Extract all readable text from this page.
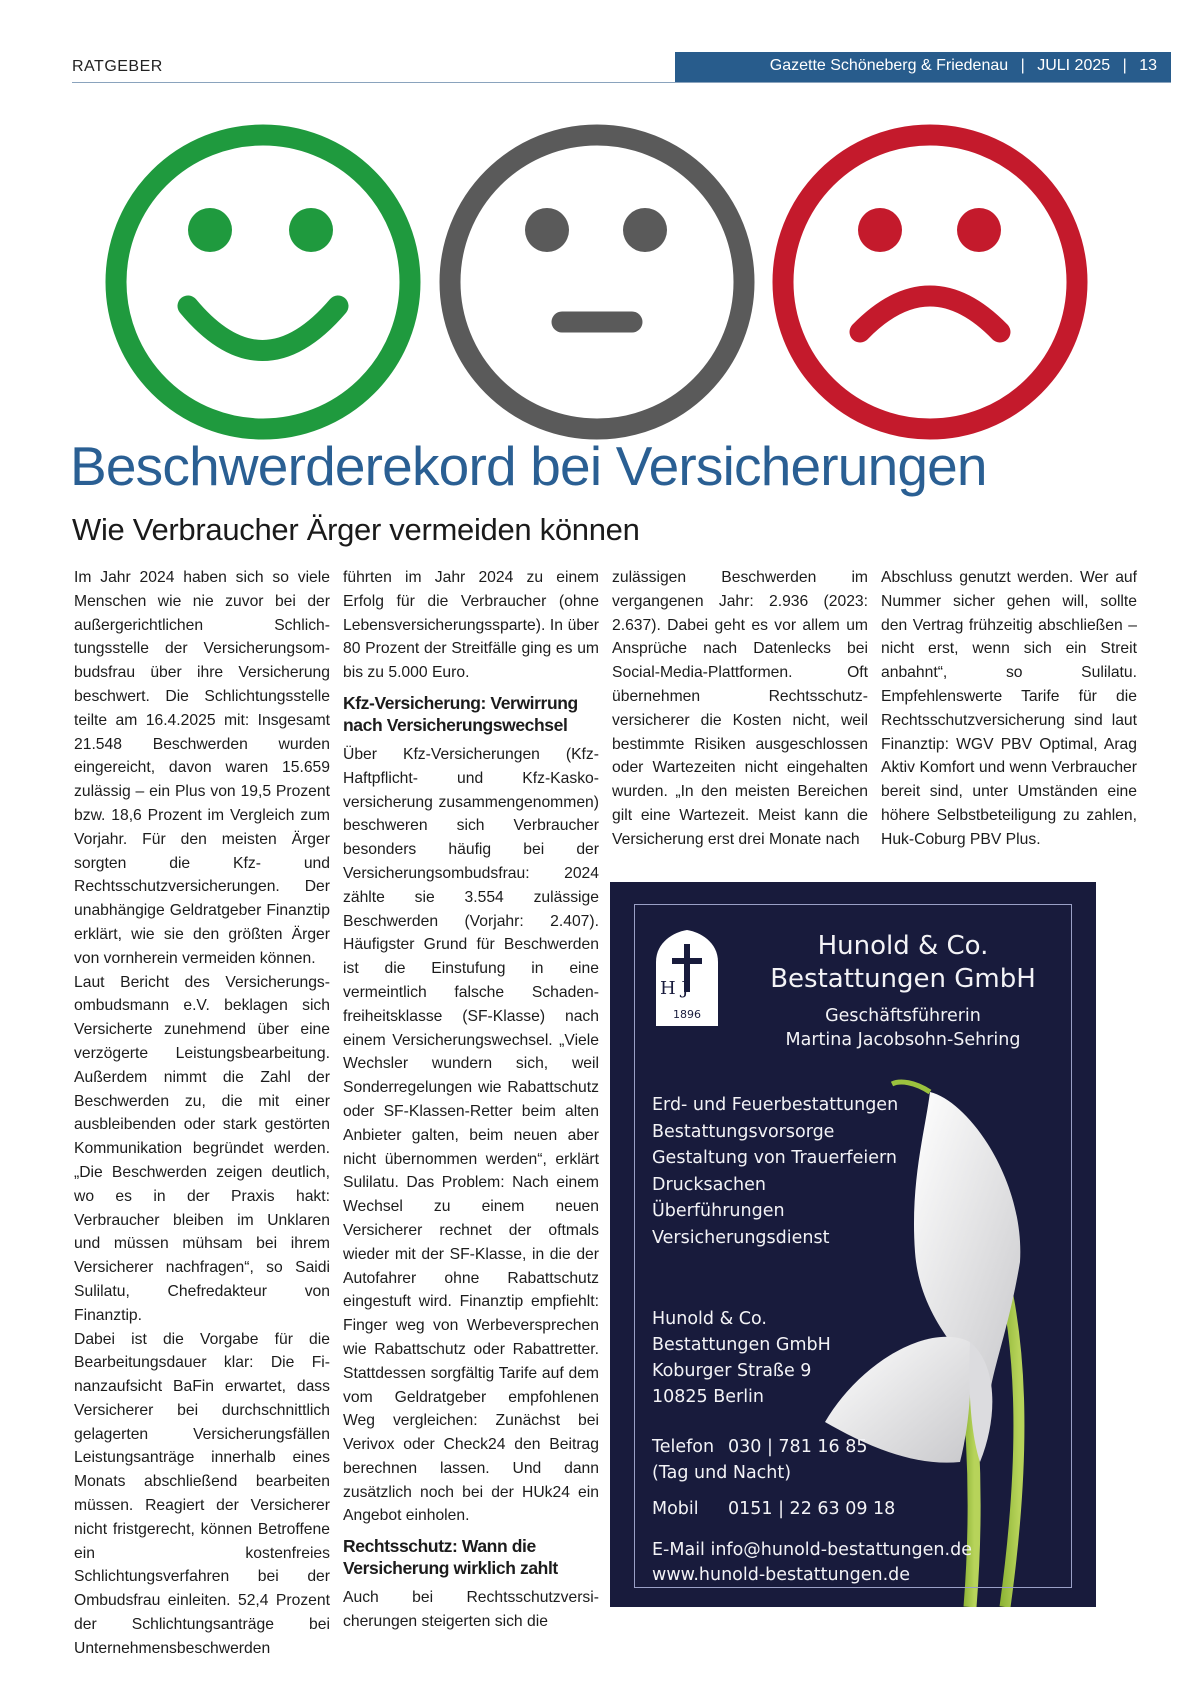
RATGEBER	Gazette Schöneberg & Friedenau | JULI 2025 | 13
Beschwerderekord bei Versicherungen
Wie Verbraucher Ärger vermeiden können

Im Jahr 2024 haben sich so viele Menschen wie nie zuvor bei der außergerichtlichen Schlichtungsstelle der Versicherungsombudsfrau über ihre Versicherung beschwert. Die Schlichtungsstelle teilte am 16.4.2025 mit: Insgesamt 21.548 Beschwerden wurden eingereicht, davon waren 15.659 zulässig – ein Plus von 19,5 Prozent bzw. 18,6 Prozent im Vergleich zum Vorjahr. Für den meisten Ärger sorgten die Kfz- und Rechtsschutzversicherungen. Der unabhängige Geldratgeber Finanztip erklärt, wie sie den größten Ärger von vornherein vermeiden können.

Laut Bericht des Versicherungsombudsmann e.V. beklagen sich Versicherte zunehmend über eine verzögerte Leistungsbearbeitung. Außerdem nimmt die Zahl der Beschwerden zu, die mit einer ausbleibenden oder stark gestörten Kommunikation begründet werden. „Die Beschwerden zeigen deutlich, wo es in der Praxis hakt: Verbraucher bleiben im Unklaren und müssen mühsam bei ihrem Versicherer nachfragen“, so Saidi Sulilatu, Chefredakteur von Finanztip.

Dabei ist die Vorgabe für die Bearbeitungsdauer klar: Die Finanzaufsicht BaFin erwartet, dass Versicherer bei durchschnittlich gelagerten Versicherungsfällen Leistungsanträge innerhalb eines Monats abschließend bearbeiten müssen. Reagiert der Versicherer nicht fristgerecht, können Betroffene ein kostenfreies Schlichtungsverfahren bei der Ombudsfrau einleiten. 52,4 Prozent der Schlichtungsanträge bei Unternehmensbeschwerden

führten im Jahr 2024 zu einem Erfolg für die Verbraucher (ohne Lebensversicherungssparte). In über 80 Prozent der Streitfälle ging es um bis zu 5.000 Euro.

Kfz-Versicherung: Verwirrung nach Versicherungswechsel

Über Kfz-Versicherungen (Kfz-Haftpflicht- und Kfz-Kaskoversicherung zusammengenommen) beschweren sich Verbraucher besonders häufig bei der Versicherungsombudsfrau: 2024 zählte sie 3.554 zulässige Beschwerden (Vorjahr: 2.407). Häufigster Grund für Beschwerden ist die Einstufung in eine vermeintlich falsche Schadenfreiheitsklasse (SF-Klasse) nach einem Versicherungswechsel. „Viele Wechsler wundern sich, weil Sonderregelungen wie Rabattschutz oder SF-Klassen-Retter beim alten Anbieter galten, beim neuen aber nicht übernommen werden“, erklärt Sulilatu. Das Problem: Nach einem Wechsel zu einem neuen Versicherer rechnet der oftmals wieder mit der SF-Klasse, in die der Autofahrer ohne Rabattschutz eingestuft wird. Finanztip empfiehlt: Finger weg von Werbeversprechen wie Rabattschutz oder Rabattretter. Stattdessen sorgfältig Tarife auf dem vom Geldratgeber empfohlenen Weg vergleichen: Zunächst bei Verivox oder Check24 den Beitrag berechnen lassen. Und dann zusätzlich noch bei der HUk24 ein Angebot einholen.

Rechtsschutz: Wann die Versicherung wirklich zahlt

Auch bei Rechtsschutzversicherungen steigerten sich die

zulässigen Beschwerden im vergangenen Jahr: 2.936 (2023: 2.637). Dabei geht es vor allem um Ansprüche nach Datenlecks bei Social-Media-Plattformen. Oft übernehmen Rechtsschutzversicherer die Kosten nicht, weil bestimmte Risiken ausgeschlossen oder Wartezeiten nicht eingehalten wurden. „In den meisten Bereichen gilt eine Wartezeit. Meist kann die Versicherung erst drei Monate nach

Abschluss genutzt werden. Wer auf Nummer sicher gehen will, sollte den Vertrag frühzeitig abschließen – nicht erst, wenn sich ein Streit anbahnt“, so Sulilatu. Empfehlenswerte Tarife für die Rechtsschutzversicherung sind laut Finanztip: WGV PBV Optimal, Arag Aktiv Komfort und wenn Verbraucher bereit sind, unter Umständen eine höhere Selbstbeteiligung zu zahlen, Huk-Coburg PBV Plus.

H J
1896
Hunold & Co.
Bestattungen GmbH
Geschäftsführerin
Martina Jacobsohn-Sehring
Erd- und Feuerbestattungen
Bestattungsvorsorge
Gestaltung von Trauerfeiern
Drucksachen
Überführungen
Versicherungsdienst
Hunold & Co.
Bestattungen GmbH
Koburger Straße 9
10825 Berlin
Telefon 030 | 781 16 85
(Tag und Nacht)
Mobil 0151 | 22 63 09 18
E-Mail info@hunold-bestattungen.de
www.hunold-bestattungen.de
